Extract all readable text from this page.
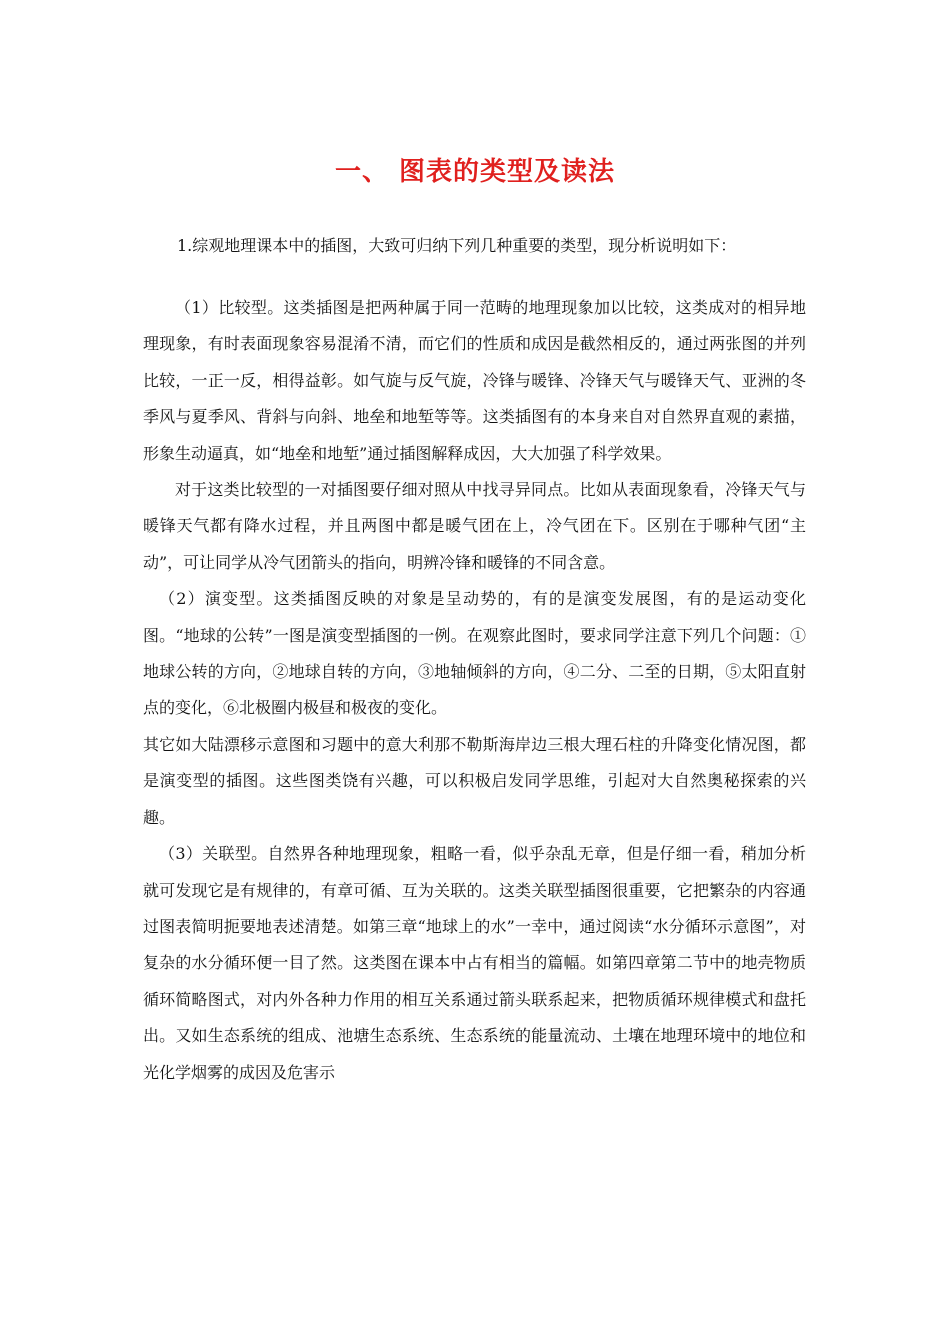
一、 图表的类型及读法
1.综观地理课本中的插图，大致可归纳下列几种重要的类型，现分析说明如下：

（1）比较型。这类插图是把两种属于同一范畴的地理现象加以比较，这类成对的相异地理现象，有时表面现象容易混淆不清，而它们的性质和成因是截然相反的，通过两张图的并列比较，一正一反，相得益彰。如气旋与反气旋，冷锋与暖锋、冷锋天气与暖锋天气、亚洲的冬季风与夏季风、背斜与向斜、地垒和地堑等等。这类插图有的本身来自对自然界直观的素描，形象生动逼真，如“地垒和地堑”通过插图解释成因，大大加强了科学效果。

对于这类比较型的一对插图要仔细对照从中找寻异同点。比如从表面现象看，冷锋天气与暖锋天气都有降水过程，并且两图中都是暖气团在上，冷气团在下。区别在于哪种气团“主动”，可让同学从冷气团箭头的指向，明辨冷锋和暖锋的不同含意。

（2）演变型。这类插图反映的对象是呈动势的，有的是演变发展图，有的是运动变化图。“地球的公转”一图是演变型插图的一例。在观察此图时，要求同学注意下列几个问题：①地球公转的方向，②地球自转的方向，③地轴倾斜的方向，④二分、二至的日期，⑤太阳直射点的变化，⑥北极圈内极昼和极夜的变化。

其它如大陆漂移示意图和习题中的意大利那不勒斯海岸边三根大理石柱的升降变化情况图，都是演变型的插图。这些图类饶有兴趣，可以积极启发同学思维，引起对大自然奥秘探索的兴趣。

（3）关联型。自然界各种地理现象，粗略一看，似乎杂乱无章，但是仔细一看，稍加分析就可发现它是有规律的，有章可循、互为关联的。这类关联型插图很重要，它把繁杂的内容通过图表简明扼要地表述清楚。如第三章“地球上的水”一幸中，通过阅读“水分循环示意图”，对复杂的水分循环便一目了然。这类图在课本中占有相当的篇幅。如第四章第二节中的地壳物质循环简略图式，对内外各种力作用的相互关系通过箭头联系起来，把物质循环规律模式和盘托出。又如生态系统的组成、池塘生态系统、生态系统的能量流动、土壤在地理环境中的地位和光化学烟雾的成因及危害示
